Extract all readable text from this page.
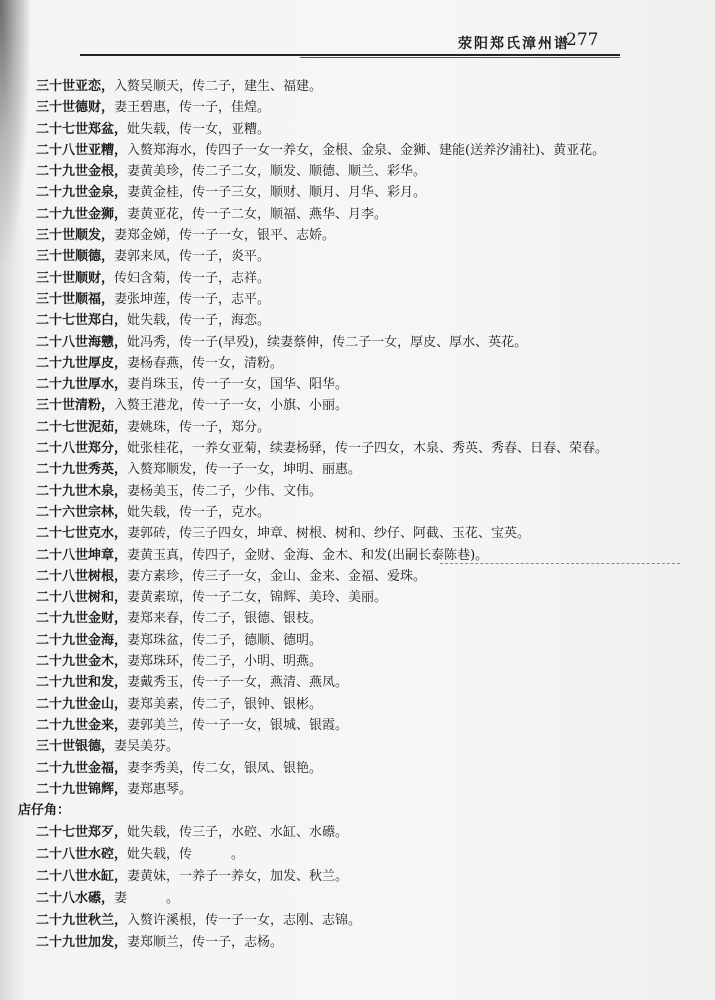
荥阳郑氏漳州谱
277
三十世亚恋，入赘吴顺天，传二子，建生、福建。
三十世德财，妻王碧惠，传一子，佳煌。
二十七世郑盆，妣失载，传一女，亚糟。
二十八世亚糟，入赘郑海水，传四子一女一养女，金根、金泉、金狮、建能(送养汐浦社)、黄亚花。
二十九世金根，妻黄美珍，传二子二女，顺发、顺德、顺兰、彩华。
二十九世金泉，妻黄金桂，传一子三女，顺财、顺月、月华、彩月。
二十九世金狮，妻黄亚花，传一子二女，顺福、燕华、月李。
三十世顺发，妻郑金娣，传一子一女，银平、志娇。
三十世顺德，妻郭来凤，传一子，炎平。
三十世顺财，传妇含菊，传一子，志祥。
三十世顺福，妻张坤莲，传一子，志平。
二十七世郑白，妣失载，传一子，海恋。
二十八世海戆，妣冯秀，传一子(早殁)，续妻蔡伸，传二子一女，厚皮、厚水、英花。
二十九世厚皮，妻杨春燕，传一女，清粉。
二十九世厚水，妻肖珠玉，传一子一女，国华、阳华。
三十世清粉，入赘王港龙，传一子一女，小旗、小丽。
二十七世泥茹，妻姚珠，传一子，郑分。
二十八世郑分，妣张桂花，一养女亚菊，续妻杨驿，传一子四女，木泉、秀英、秀春、日春、荣春。
二十九世秀英，入赘郑顺发，传一子一女，坤明、丽惠。
二十九世木泉，妻杨美玉，传二子，少伟、文伟。
二十六世宗林，妣失载，传一子，克水。
二十七世克水，妻郭砖，传三子四女，坤章、树根、树和、纱仔、阿截、玉花、宝英。
二十八世坤章，妻黄玉真，传四子，金财、金海、金木、和发(出嗣长泰陈巷)。
二十八世树根，妻方素珍，传三子一女，金山、金来、金福、爱珠。
二十八世树和，妻黄素琼，传一子二女，锦辉、美玲、美丽。
二十九世金财，妻郑来春，传二子，银德、银枝。
二十九世金海，妻郑珠盆，传二子，德顺、德明。
二十九世金木，妻郑珠环，传二子，小明、明燕。
二十九世和发，妻戴秀玉，传一子一女，燕清、燕凤。
二十九世金山，妻郑美素，传二子，银钟、银彬。
二十九世金来，妻郭美兰，传一子一女，银城、银霞。
三十世银德，妻吴美芬。
二十九世金福，妻李秀美，传二女，银凤、银艳。
二十九世锦辉，妻郑惠琴。
店仔角：
二十七世郑歹，妣失载，传三子，水硿、水缸、水礤。
二十八世水硿，妣失载，传　　　。
二十八世水缸，妻黄妹，一养子一养女，加发、秋兰。
二十八水礤，妻　　　。
二十九世秋兰，入赘许溪根，传一子一女，志刚、志锦。
二十九世加发，妻郑顺兰，传一子，志杨。
